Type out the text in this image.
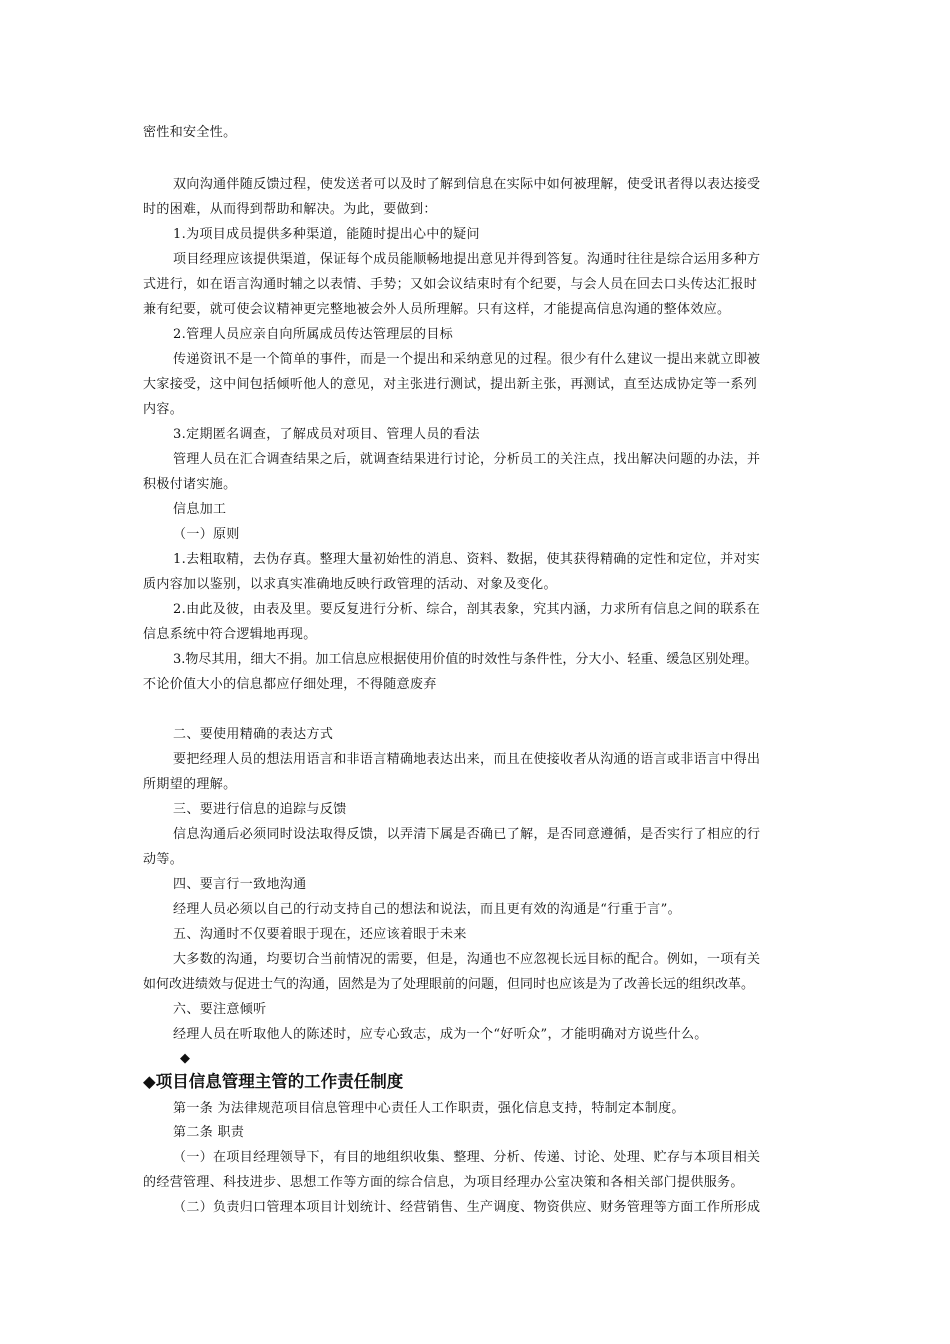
密性和安全性。
双向沟通伴随反馈过程，使发送者可以及时了解到信息在实际中如何被理解，使受讯者得以表达接受
时的困难，从而得到帮助和解决。为此，要做到：
1.为项目成员提供多种渠道，能随时提出心中的疑问
项目经理应该提供渠道，保证每个成员能顺畅地提出意见并得到答复。沟通时往往是综合运用多种方
式进行，如在语言沟通时辅之以表情、手势；又如会议结束时有个纪要，与会人员在回去口头传达汇报时
兼有纪要，就可使会议精神更完整地被会外人员所理解。只有这样，才能提高信息沟通的整体效应。
2.管理人员应亲自向所属成员传达管理层的目标
传递资讯不是一个简单的事件，而是一个提出和采纳意见的过程。很少有什么建议一提出来就立即被
大家接受，这中间包括倾听他人的意见，对主张进行测试，提出新主张，再测试，直至达成协定等一系列
内容。
3.定期匿名调查，了解成员对项目、管理人员的看法
管理人员在汇合调查结果之后，就调查结果进行讨论，分析员工的关注点，找出解决问题的办法，并
积极付诸实施。
信息加工
（一）原则
1.去粗取精，去伪存真。整理大量初始性的消息、资料、数据，使其获得精确的定性和定位，并对实
质内容加以鉴别，以求真实准确地反映行政管理的活动、对象及变化。
2.由此及彼，由表及里。要反复进行分析、综合，剖其表象，究其内涵，力求所有信息之间的联系在
信息系统中符合逻辑地再现。
3.物尽其用，细大不捐。加工信息应根据使用价值的时效性与条件性，分大小、轻重、缓急区别处理。
不论价值大小的信息都应仔细处理，不得随意废弃
二、要使用精确的表达方式
要把经理人员的想法用语言和非语言精确地表达出来，而且在使接收者从沟通的语言或非语言中得出
所期望的理解。
三、要进行信息的追踪与反馈
信息沟通后必须同时设法取得反馈，以弄清下属是否确已了解，是否同意遵循，是否实行了相应的行
动等。
四、要言行一致地沟通
经理人员必须以自己的行动支持自己的想法和说法，而且更有效的沟通是“行重于言”。
五、沟通时不仅要着眼于现在，还应该着眼于未来
大多数的沟通，均要切合当前情况的需要，但是，沟通也不应忽视长远目标的配合。例如，一项有关
如何改进绩效与促进士气的沟通，固然是为了处理眼前的问题，但同时也应该是为了改善长远的组织改革。
六、要注意倾听
经理人员在听取他人的陈述时，应专心致志，成为一个“好听众”，才能明确对方说些什么。
◆
◆项目信息管理主管的工作责任制度
第一条 为法律规范项目信息管理中心责任人工作职责，强化信息支持，特制定本制度。
第二条 职责
（一）在项目经理领导下，有目的地组织收集、整理、分析、传递、讨论、处理、贮存与本项目相关
的经营管理、科技进步、思想工作等方面的综合信息，为项目经理办公室决策和各相关部门提供服务。
（二）负责归口管理本项目计划统计、经营销售、生产调度、物资供应、财务管理等方面工作所形成
